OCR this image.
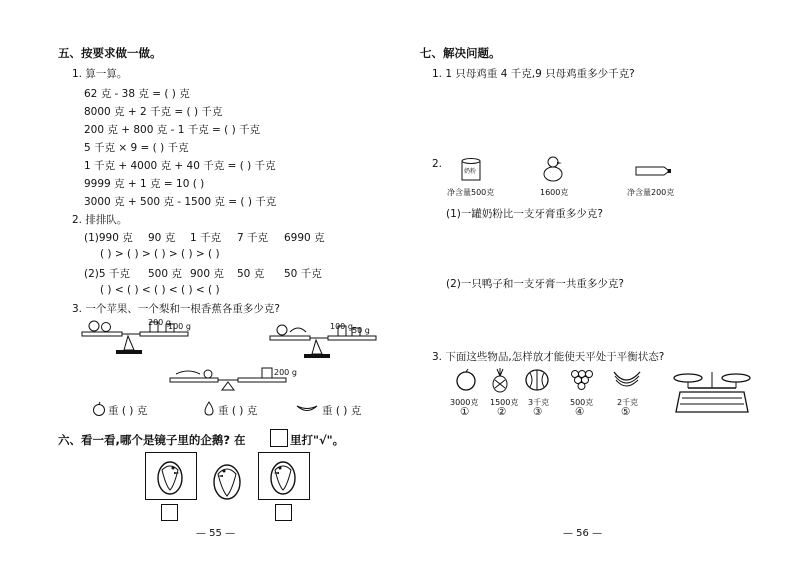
五、按要求做一做。
1. 算一算。
62 克 - 38 克 = ( ) 克
8000 克 + 2 千克 = ( ) 千克
200 克 + 800 克 - 1 千克 = ( ) 千克
5 千克 × 9 = ( ) 千克
1 千克 + 4000 克 + 40 千克 = ( ) 千克
9999 克 + 1 克 = 10 ( )
3000 克 + 500 克 - 1500 克 = ( ) 千克
2. 排排队。
(1)990 克 90 克 1 千克 7 千克 6990 克
( ) > ( ) > ( ) > ( ) > ( )
(2)5 千克 500 克 900 克 50 克 50 千克
( ) < ( ) < ( ) < ( ) < ( )
3. 一个苹果、一个梨和一根香蕉各重多少克?
200 g
100 g	100 g 50 g
200 g
重 ( ) 克	重 ( ) 克	重 ( ) 克
六、看一看,哪个是镜子里的企鹅? 在	里打"√"。
— 55 —
七、解决问题。
1. 1 只母鸡重 4 千克,9 只母鸡重多少千克?
2.
奶粉
净含量500克	1600克	净含量200克
(1)一罐奶粉比一支牙膏重多少克?
(2)一只鸭子和一支牙膏一共重多少克?
3. 下面这些物品,怎样放才能使天平处于平衡状态?
3000克 1500克 3千克	500克	2千克
①	②	③	④	⑤
— 56 —
